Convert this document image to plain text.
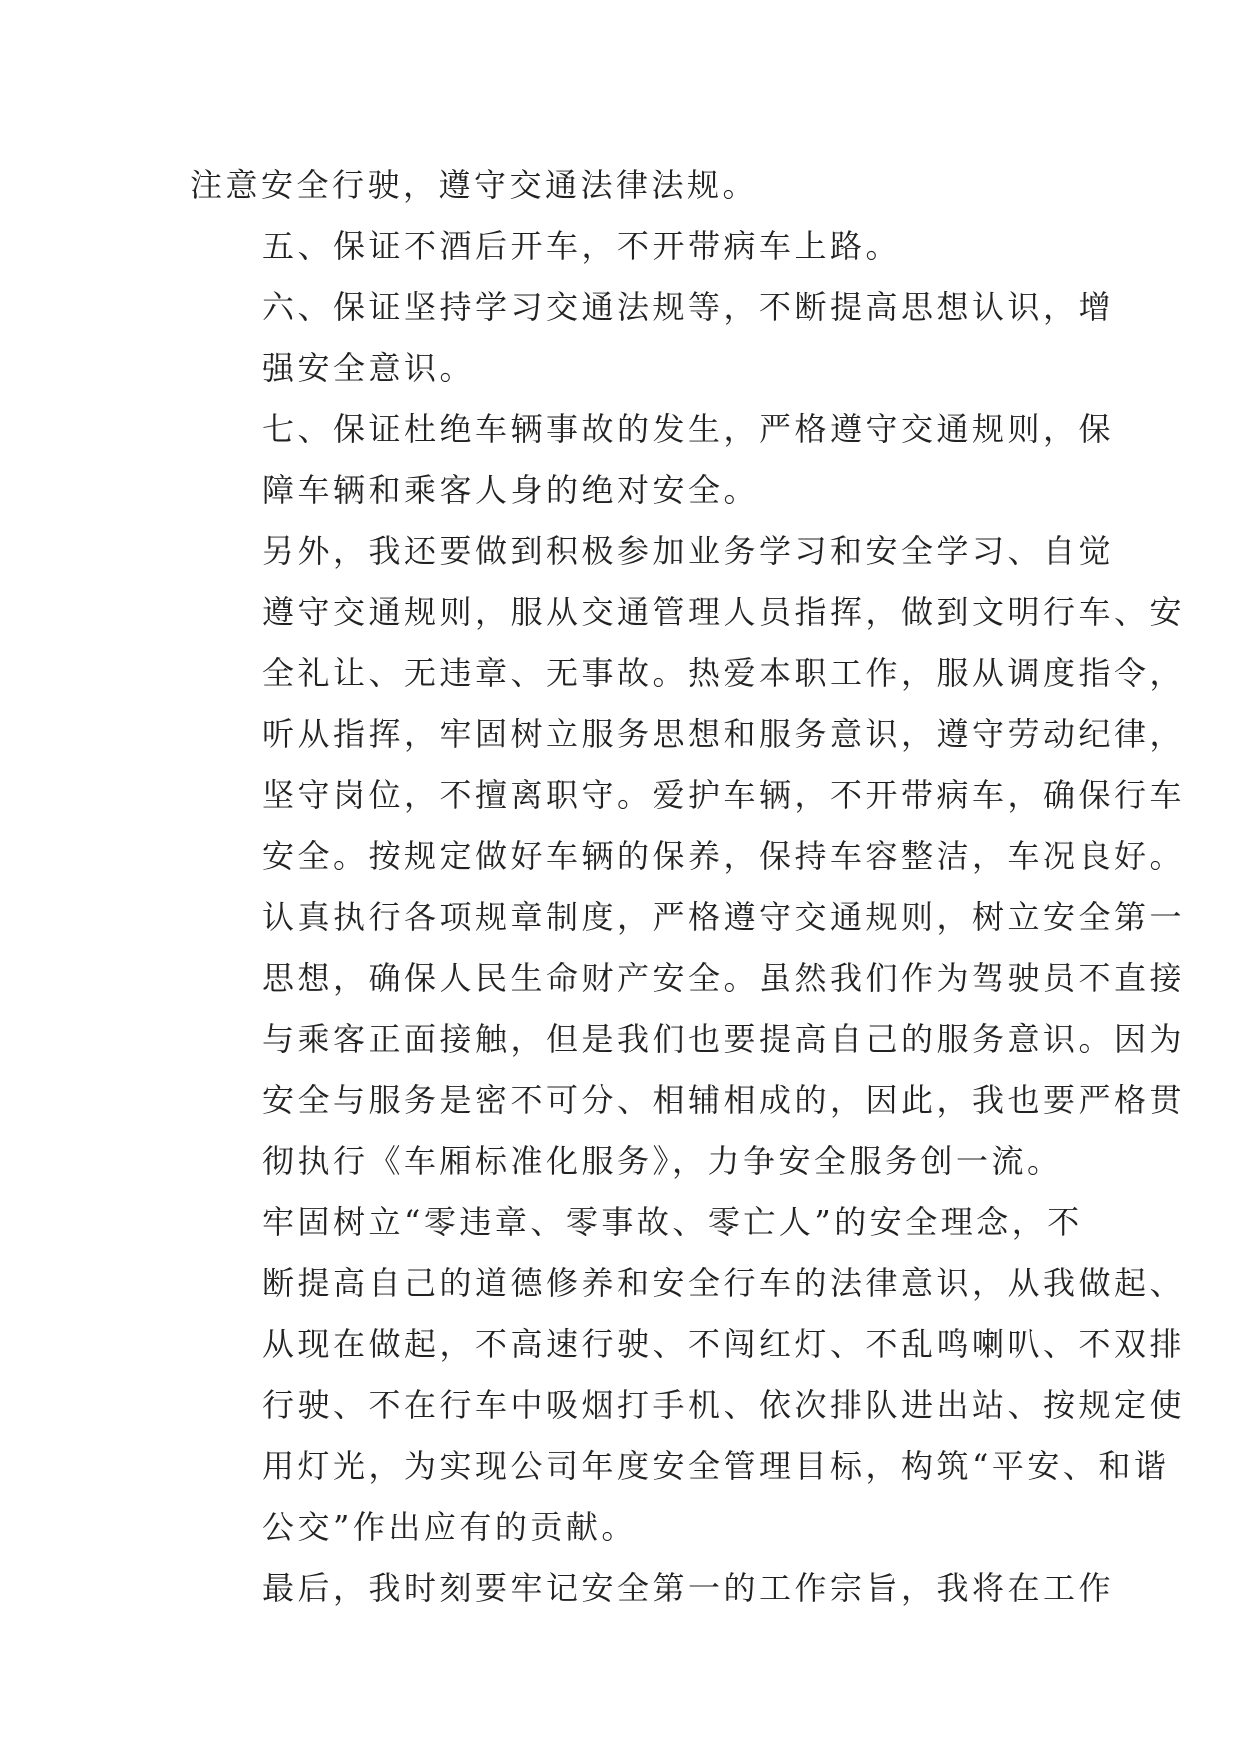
注意安全行驶，遵守交通法律法规。

五、保证不酒后开车，不开带病车上路。

六、保证坚持学习交通法规等，不断提高思想认识，增
强安全意识。

七、保证杜绝车辆事故的发生，严格遵守交通规则，保
障车辆和乘客人身的绝对安全。

另外，我还要做到积极参加业务学习和安全学习、自觉
遵守交通规则，服从交通管理人员指挥，做到文明行车、安
全礼让、无违章、无事故。热爱本职工作，服从调度指令，
听从指挥，牢固树立服务思想和服务意识，遵守劳动纪律，
坚守岗位，不擅离职守。爱护车辆，不开带病车，确保行车
安全。按规定做好车辆的保养，保持车容整洁，车况良好。
认真执行各项规章制度，严格遵守交通规则，树立安全第一
思想，确保人民生命财产安全。虽然我们作为驾驶员不直接
与乘客正面接触，但是我们也要提高自己的服务意识。因为
安全与服务是密不可分、相辅相成的，因此，我也要严格贯
彻执行《车厢标准化服务》，力争安全服务创一流。

牢固树立“零违章、零事故、零亡人”的安全理念，不
断提高自己的道德修养和安全行车的法律意识，从我做起、
从现在做起，不高速行驶、不闯红灯、不乱鸣喇叭、不双排
行驶、不在行车中吸烟打手机、依次排队进出站、按规定使
用灯光，为实现公司年度安全管理目标，构筑“平安、和谐
公交”作出应有的贡献。

最后，我时刻要牢记安全第一的工作宗旨，我将在工作
